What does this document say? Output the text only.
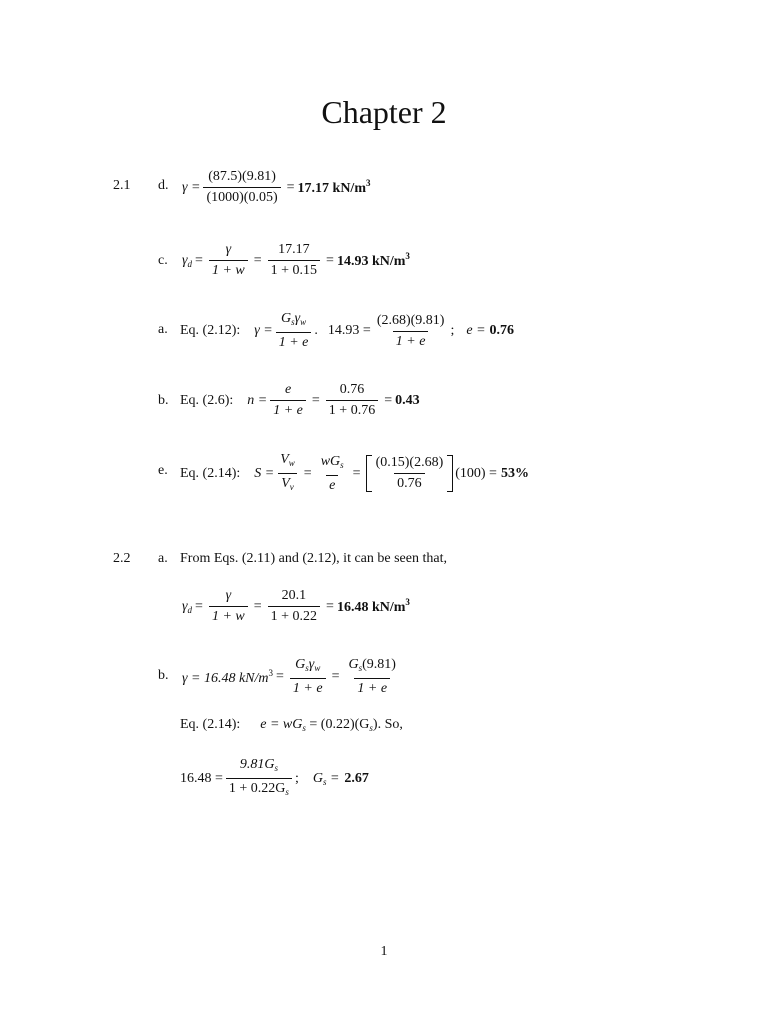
Chapter 2
2.1 d. $\gamma = \frac{(87.5)(9.81)}{(1000)(0.05)} = 17.17$ $kN/m^3$
c. $\gamma_d = \frac{\gamma}{1 + w} = \frac{17.17}{1 + 0.15} = 14.93$ $kN/m^3$
a. Eq. (2.12): $\gamma = \frac{G_s\gamma_w}{1 + e}$ . $14.93 = \frac{(2.68)(9.81)}{1 + e}$ ; e = 0.76
b. Eq. (2.6): $n = \frac{e}{1 + e} = \frac{0.76}{1 + 0.76} = 0.43$
e. Eq. (2.14): $S = \frac{V_w}{V_v} = \frac{wG_s}{e} = \frac{(0.15)(2.68)}{0.76} (100) = 53\%$
2.2 a. From Eqs. (2.11) and (2.12), it can be seen that,
$\gamma_d = \frac{\gamma}{1 + w} = \frac{20.1}{1 + 0.22} = 16.48$ $kN/m^3$
b. γ = 16.48 $kN/m^3 = \frac{G_s\gamma_w}{1 + e} = \frac{G_s(9.81)}{1 + e}$
Eq. (2.14): $e = wG_s = (0.22)(G_s)$. So,
$16.48 = \frac{9.81G_s}{1 + 0.22G_s}$ ; $G_s = 2.67$
1
